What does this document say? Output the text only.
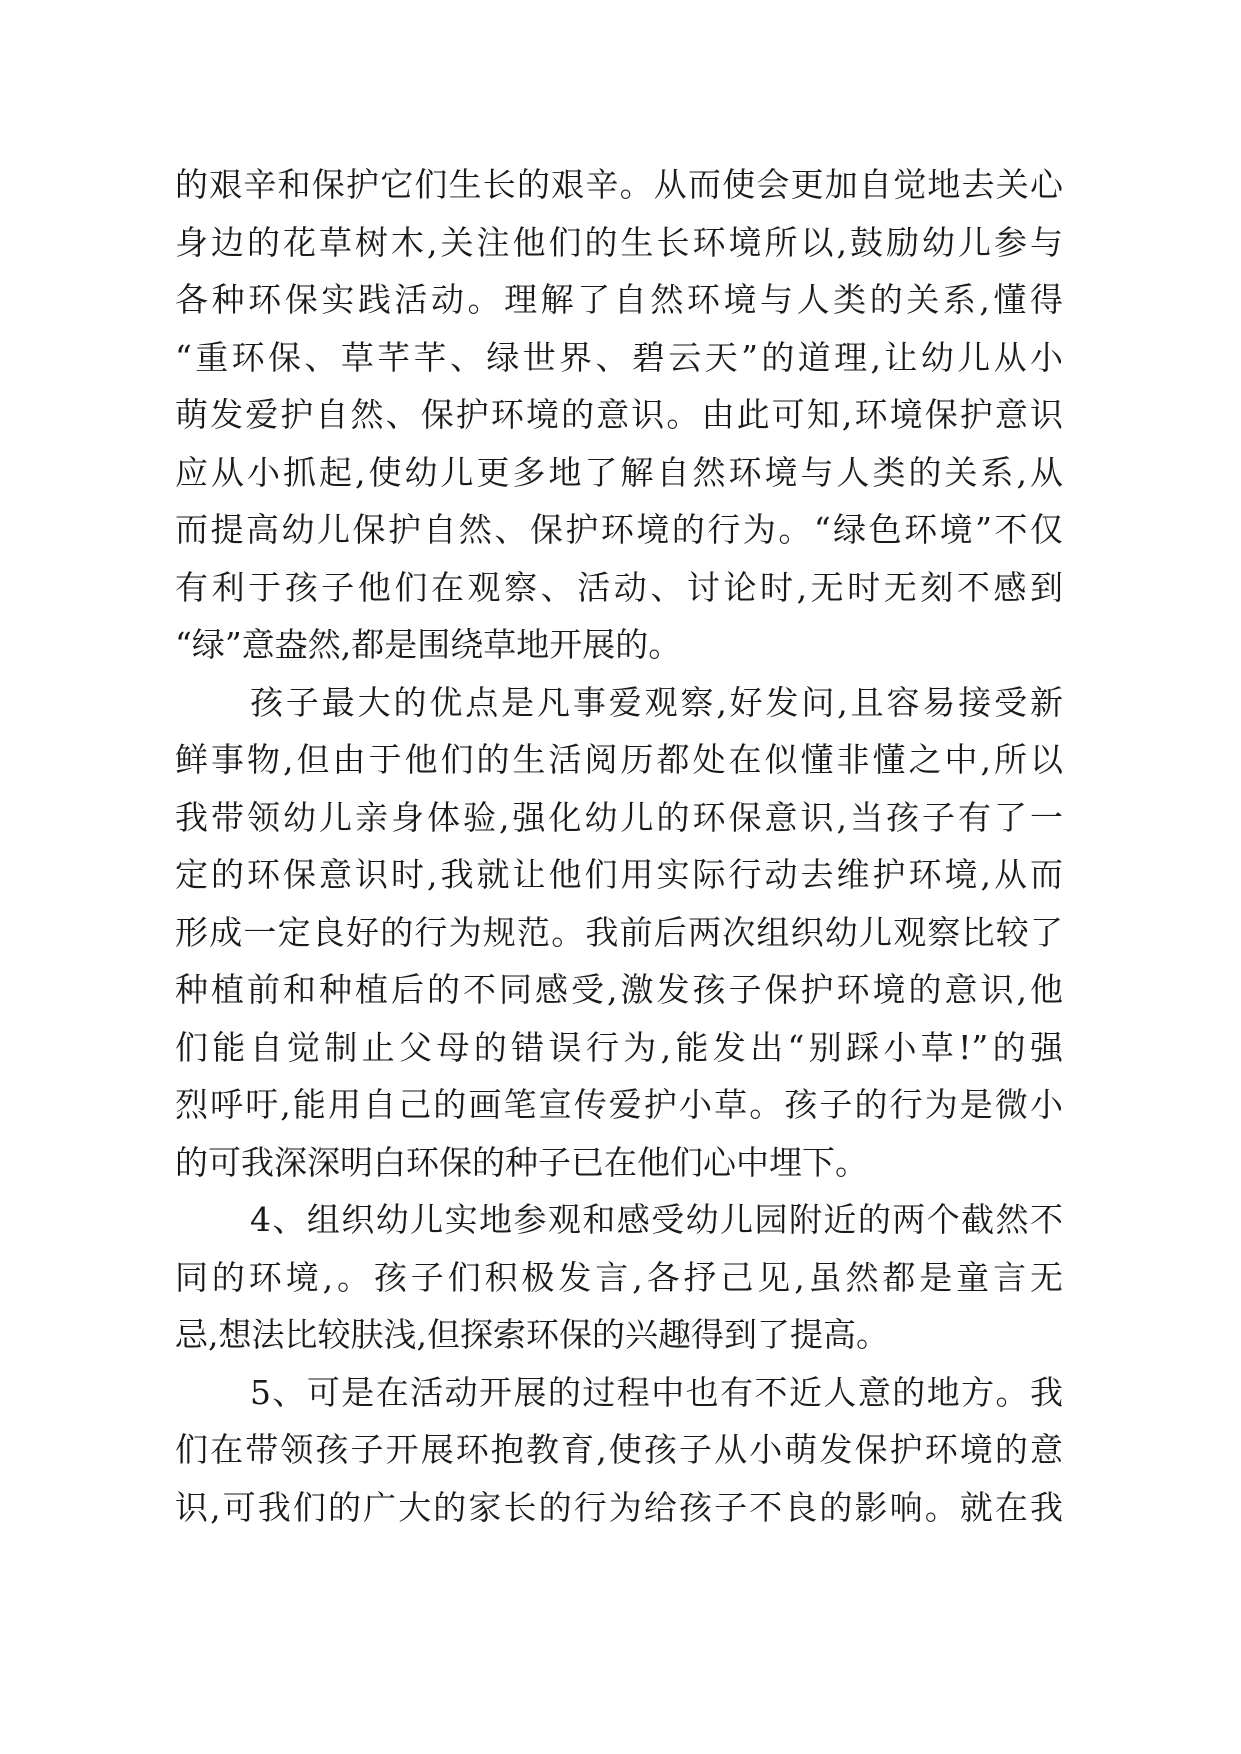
的艰辛和保护它们生长的艰辛。从而使会更加自觉地去关心
身边的花草树木,关注他们的生长环境所以,鼓励幼儿参与
各种环保实践活动。理解了自然环境与人类的关系,懂得
“重环保、草芊芊、绿世界、碧云天”的道理,让幼儿从小
萌发爱护自然、保护环境的意识。由此可知,环境保护意识
应从小抓起,使幼儿更多地了解自然环境与人类的关系,从
而提高幼儿保护自然、保护环境的行为。“绿色环境”不仅
有利于孩子他们在观察、活动、讨论时,无时无刻不感到
“绿”意盎然,都是围绕草地开展的。
孩子最大的优点是凡事爱观察,好发问,且容易接受新
鲜事物,但由于他们的生活阅历都处在似懂非懂之中,所以
我带领幼儿亲身体验,强化幼儿的环保意识,当孩子有了一
定的环保意识时,我就让他们用实际行动去维护环境,从而
形成一定良好的行为规范。我前后两次组织幼儿观察比较了
种植前和种植后的不同感受,激发孩子保护环境的意识,他
们能自觉制止父母的错误行为,能发出“别踩小草!”的强
烈呼吁,能用自己的画笔宣传爱护小草。孩子的行为是微小
的可我深深明白环保的种子已在他们心中埋下。
4、组织幼儿实地参观和感受幼儿园附近的两个截然不
同的环境,。孩子们积极发言,各抒己见,虽然都是童言无
忌,想法比较肤浅,但探索环保的兴趣得到了提高。
5、可是在活动开展的过程中也有不近人意的地方。我
们在带领孩子开展环抱教育,使孩子从小萌发保护环境的意
识,可我们的广大的家长的行为给孩子不良的影响。就在我
